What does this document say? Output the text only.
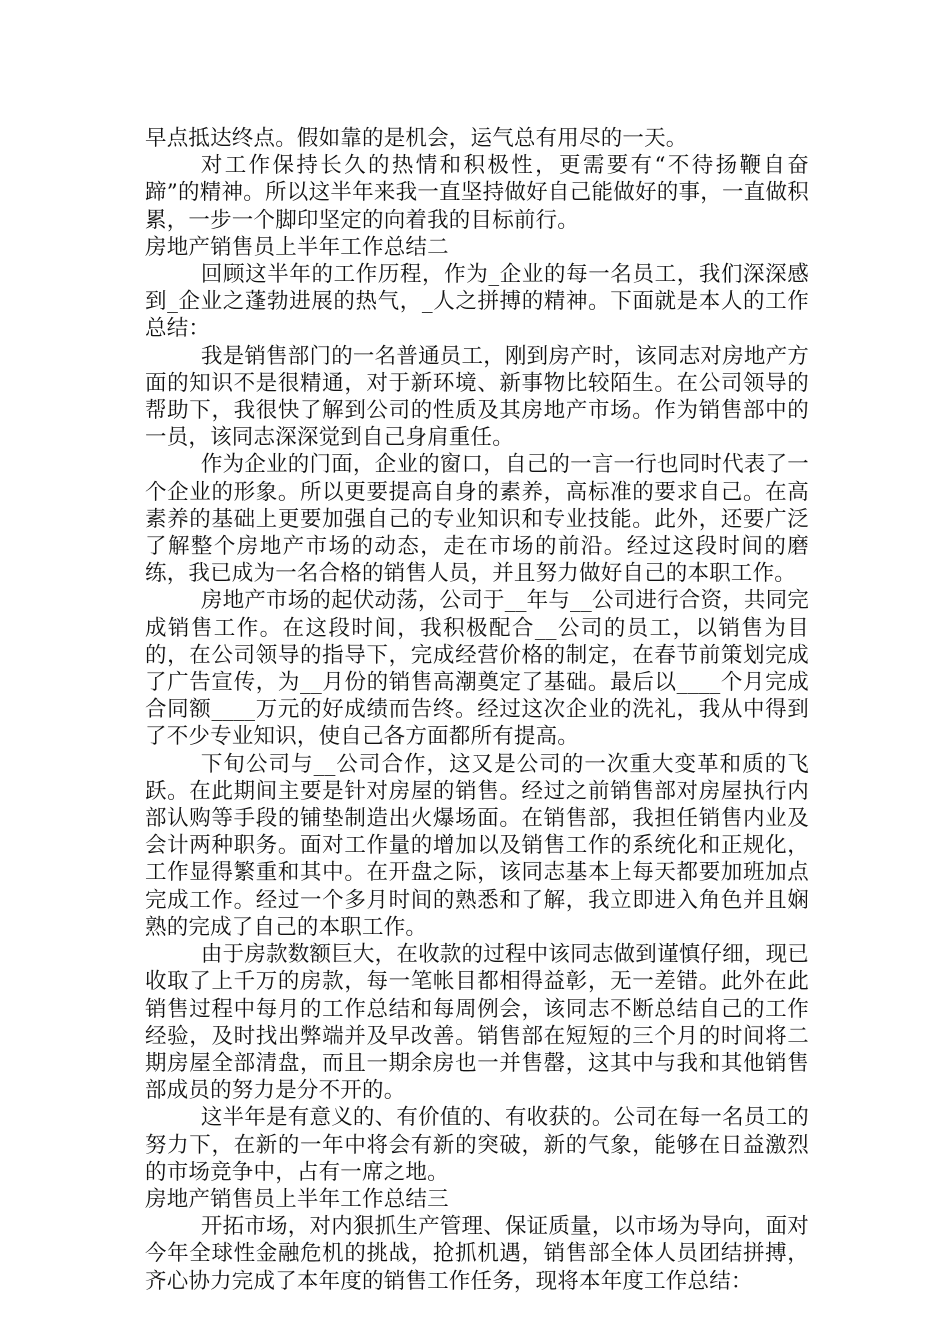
早点抵达终点。假如靠的是机会，运气总有用尽的一天。

对工作保持长久的热情和积极性，更需要有“不待扬鞭自奋蹄”的精神。所以这半年来我一直坚持做好自己能做好的事，一直做积累，一步一个脚印坚定的向着我的目标前行。

房地产销售员上半年工作总结二

回顾这半年的工作历程，作为_企业的每一名员工，我们深深感到_企业之蓬勃进展的热气，_人之拼搏的精神。下面就是本人的工作总结：

我是销售部门的一名普通员工，刚到房产时，该同志对房地产方面的知识不是很精通，对于新环境、新事物比较陌生。在公司领导的帮助下，我很快了解到公司的性质及其房地产市场。作为销售部中的一员，该同志深深觉到自己身肩重任。

作为企业的门面，企业的窗口，自己的一言一行也同时代表了一个企业的形象。所以更要提高自身的素养，高标准的要求自己。在高素养的基础上更要加强自己的专业知识和专业技能。此外，还要广泛了解整个房地产市场的动态，走在市场的前沿。经过这段时间的磨练，我已成为一名合格的销售人员，并且努力做好自己的本职工作。

房地产市场的起伏动荡，公司于__年与__公司进行合资，共同完成销售工作。在这段时间，我积极配合__公司的员工，以销售为目的，在公司领导的指导下，完成经营价格的制定，在春节前策划完成了广告宣传，为__月份的销售高潮奠定了基础。最后以____个月完成合同额____万元的好成绩而告终。经过这次企业的洗礼，我从中得到了不少专业知识，使自己各方面都所有提高。

下旬公司与__公司合作，这又是公司的一次重大变革和质的飞跃。在此期间主要是针对房屋的销售。经过之前销售部对房屋执行内部认购等手段的铺垫制造出火爆场面。在销售部，我担任销售内业及会计两种职务。面对工作量的增加以及销售工作的系统化和正规化，工作显得繁重和其中。在开盘之际，该同志基本上每天都要加班加点完成工作。经过一个多月时间的熟悉和了解，我立即进入角色并且娴熟的完成了自己的本职工作。

由于房款数额巨大，在收款的过程中该同志做到谨慎仔细，现已收取了上千万的房款，每一笔帐目都相得益彰，无一差错。此外在此销售过程中每月的工作总结和每周例会，该同志不断总结自己的工作经验，及时找出弊端并及早改善。销售部在短短的三个月的时间将二期房屋全部清盘，而且一期余房也一并售罄，这其中与我和其他销售部成员的努力是分不开的。

这半年是有意义的、有价值的、有收获的。公司在每一名员工的努力下，在新的一年中将会有新的突破，新的气象，能够在日益激烈的市场竞争中，占有一席之地。

房地产销售员上半年工作总结三

开拓市场，对内狠抓生产管理、保证质量，以市场为导向，面对今年全球性金融危机的挑战，抢抓机遇，销售部全体人员团结拼搏，齐心协力完成了本年度的销售工作任务，现将本年度工作总结：
